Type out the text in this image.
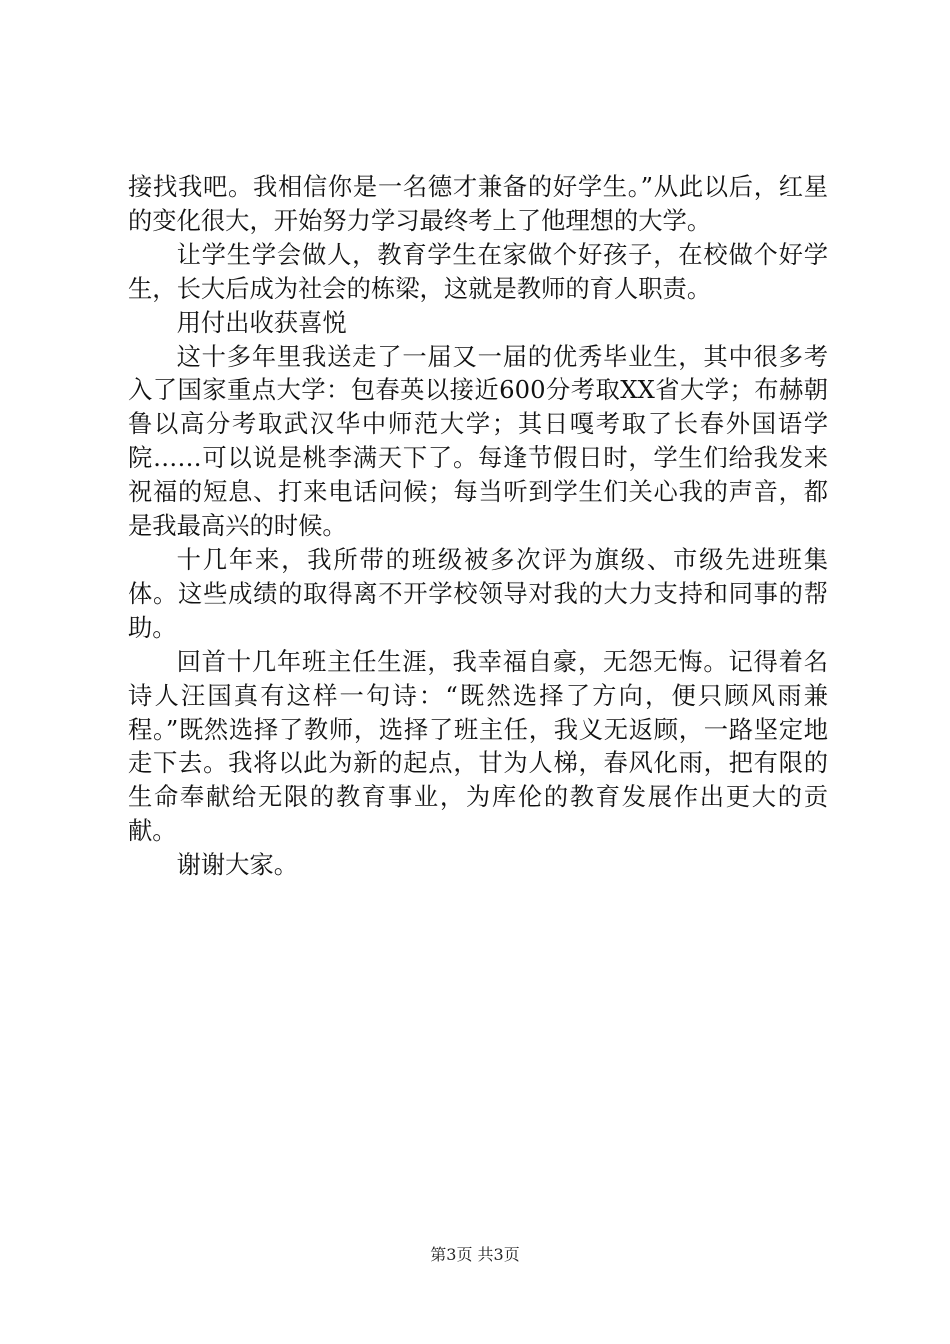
接找我吧。我相信你是一名德才兼备的好学生。”从此以后，红星的变化很大，开始努力学习最终考上了他理想的大学。

让学生学会做人，教育学生在家做个好孩子，在校做个好学生，长大后成为社会的栋梁，这就是教师的育人职责。

用付出收获喜悦

这十多年里我送走了一届又一届的优秀毕业生，其中很多考入了国家重点大学：包春英以接近600分考取XX省大学；布赫朝鲁以高分考取武汉华中师范大学；其日嘎考取了长春外国语学院……可以说是桃李满天下了。每逢节假日时，学生们给我发来祝福的短息、打来电话问候；每当听到学生们关心我的声音，都是我最高兴的时候。

十几年来，我所带的班级被多次评为旗级、市级先进班集体。这些成绩的取得离不开学校领导对我的大力支持和同事的帮助。

回首十几年班主任生涯，我幸福自豪，无怨无悔。记得着名诗人汪国真有这样一句诗：“既然选择了方向，便只顾风雨兼程。”既然选择了教师，选择了班主任，我义无返顾，一路坚定地走下去。我将以此为新的起点，甘为人梯，春风化雨，把有限的生命奉献给无限的教育事业，为库伦的教育发展作出更大的贡献。

谢谢大家。

第3页 共3页
